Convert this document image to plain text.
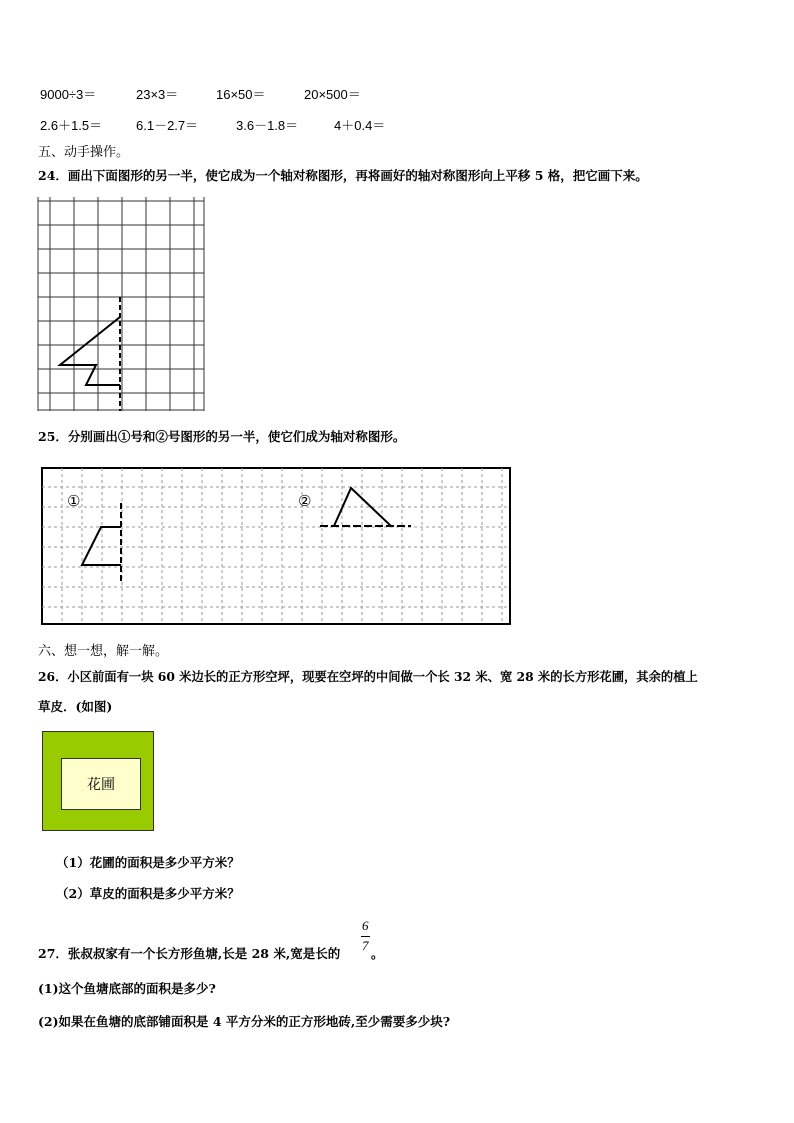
9000÷3＝	23×3＝	16×50＝	20×500＝
2.6＋1.5＝	6.1－2.7＝	3.6－1.8＝	4＋0.4＝
五、动手操作。
24．画出下面图形的另一半，使它成为一个轴对称图形，再将画好的轴对称图形向上平移 5 格，把它画下来。
25．分别画出①号和②号图形的另一半，使它们成为轴对称图形。
①	②
六、想一想，解一解。
26．小区前面有一块 60 米边长的正方形空坪，现要在空坪的中间做一个长 32 米、宽 28 米的长方形花圃，其余的植上
草皮．(如图)
花圃
（1）花圃的面积是多少平方米？
（2）草皮的面积是多少平方米？
27．张叔叔家有一个长方形鱼塘,长是 28 米,宽是长的
6
7
。
(1)这个鱼塘底部的面积是多少?
(2)如果在鱼塘的底部铺面积是 4 平方分米的正方形地砖,至少需要多少块?
